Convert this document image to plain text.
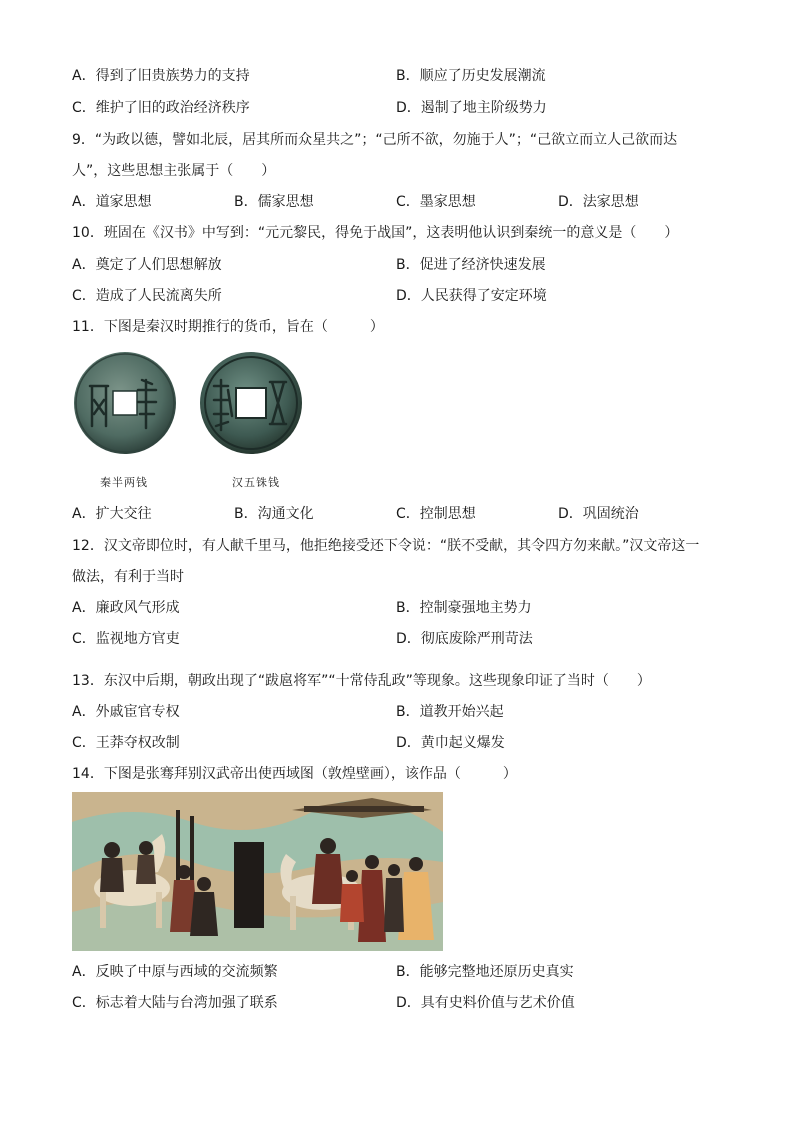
A．得到了旧贵族势力的支持	B．顺应了历史发展潮流
C．维护了旧的政治经济秩序	D．遏制了地主阶级势力
9．“为政以德，譬如北辰，居其所而众星共之”；“己所不欲，勿施于人”；“己欲立而立人己欲而达
人”，这些思想主张属于（　　）
A．道家思想	B．儒家思想	C．墨家思想	D．法家思想
10．班固在《汉书》中写到：“元元黎民，得免于战国”，这表明他认识到秦统一的意义是（　　）
A．奠定了人们思想解放	B．促进了经济快速发展
C．造成了人民流离失所	D．人民获得了安定环境
11．下图是秦汉时期推行的货币，旨在（　　　）
秦半两钱	汉五铢钱
A．扩大交往	B．沟通文化	C．控制思想	D．巩固统治
12．汉文帝即位时，有人献千里马，他拒绝接受还下令说：“朕不受献，其令四方勿来献。”汉文帝这一
做法，有利于当时
A．廉政风气形成	B．控制豪强地主势力
C．监视地方官吏	D．彻底废除严刑苛法
13．东汉中后期，朝政出现了“跋扈将军”“十常侍乱政”等现象。这些现象印证了当时（　　）
A．外戚宦官专权	B．道教开始兴起
C．王莽夺权改制	D．黄巾起义爆发
14．下图是张骞拜别汉武帝出使西域图（敦煌壁画），该作品（　　　）
A．反映了中原与西域的交流频繁	B．能够完整地还原历史真实
C．标志着大陆与台湾加强了联系	D．具有史料价值与艺术价值
